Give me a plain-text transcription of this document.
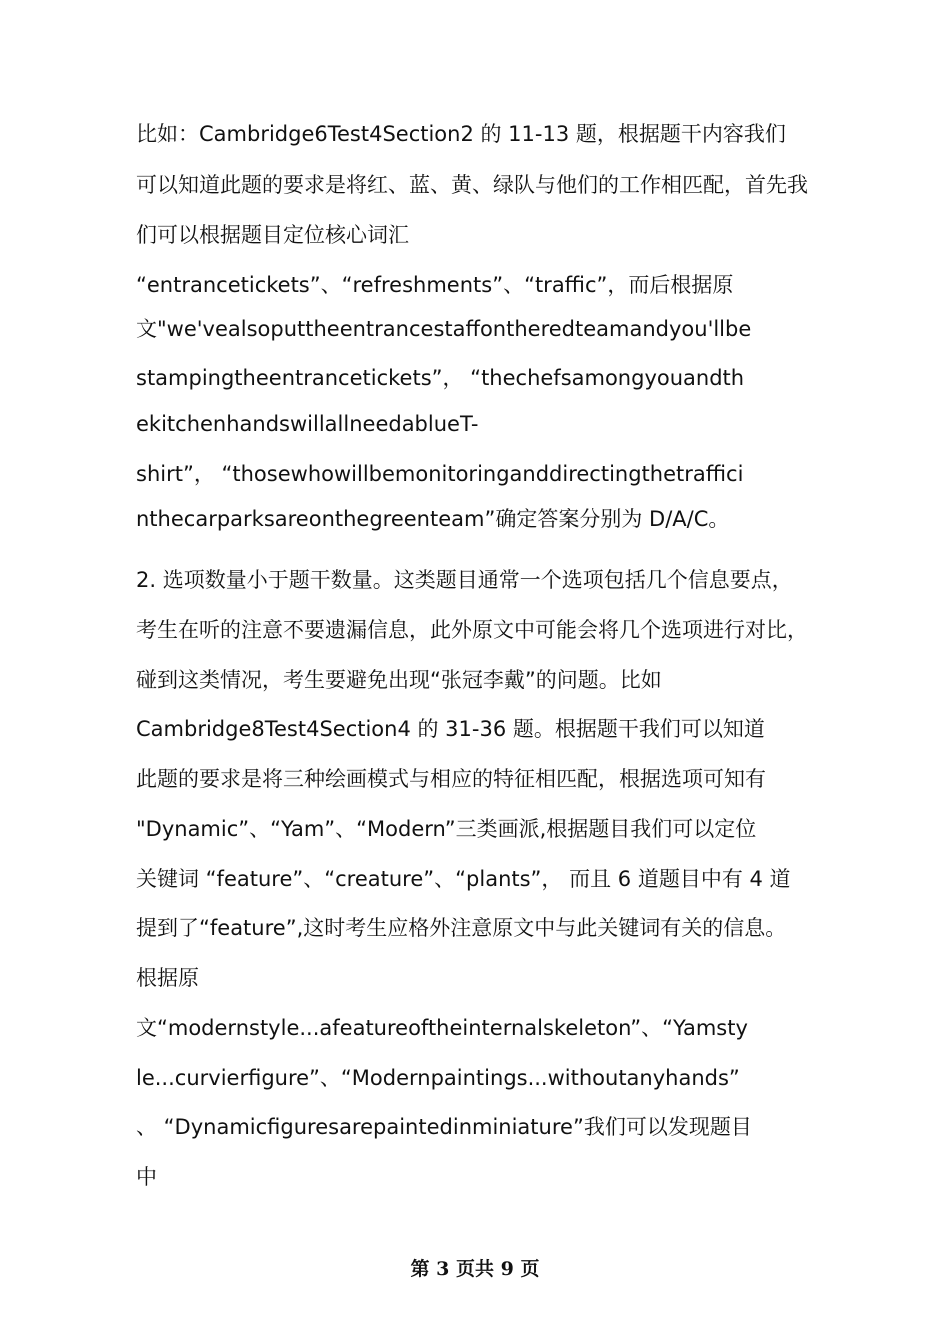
比如：Cambridge6Test4Section2 的 11-13 题，根据题干内容我们
可以知道此题的要求是将红、蓝、黄、绿队与他们的工作相匹配，首先我
们可以根据题目定位核心词汇
“entrancetickets”、“refreshments”、“traffic”，而后根据原
文"we'vealsoputtheentrancestaffontheredteamandyou'llbe
stampingtheentrancetickets”， “thechefsamongyouandth
ekitchenhandswillallneedablueT-
shirt”， “thosewhowillbemonitoringanddirectingthetraffici
nthecarparksareonthegreenteam”确定答案分别为 D/A/C。
2. 选项数量小于题干数量。这类题目通常一个选项包括几个信息要点，
考生在听的注意不要遗漏信息，此外原文中可能会将几个选项进行对比，
碰到这类情况，考生要避免出现“张冠李戴”的问题。比如
Cambridge8Test4Section4 的 31-36 题。根据题干我们可以知道
此题的要求是将三种绘画模式与相应的特征相匹配，根据选项可知有
"Dynamic”、“Yam”、“Modern”三类画派,根据题目我们可以定位
关键词 “feature”、“creature”、“plants”， 而且 6 道题目中有 4 道
提到了“feature”,这时考生应格外注意原文中与此关键词有关的信息。
根据原
文“modernstyle...afeatureoftheinternalskeleton”、“Yamsty
le...curvierfigure”、“Modernpaintings...withoutanyhands”
、 “Dynamicfiguresarepaintedinminiature”我们可以发现题目
中
第 3 页共 9 页
